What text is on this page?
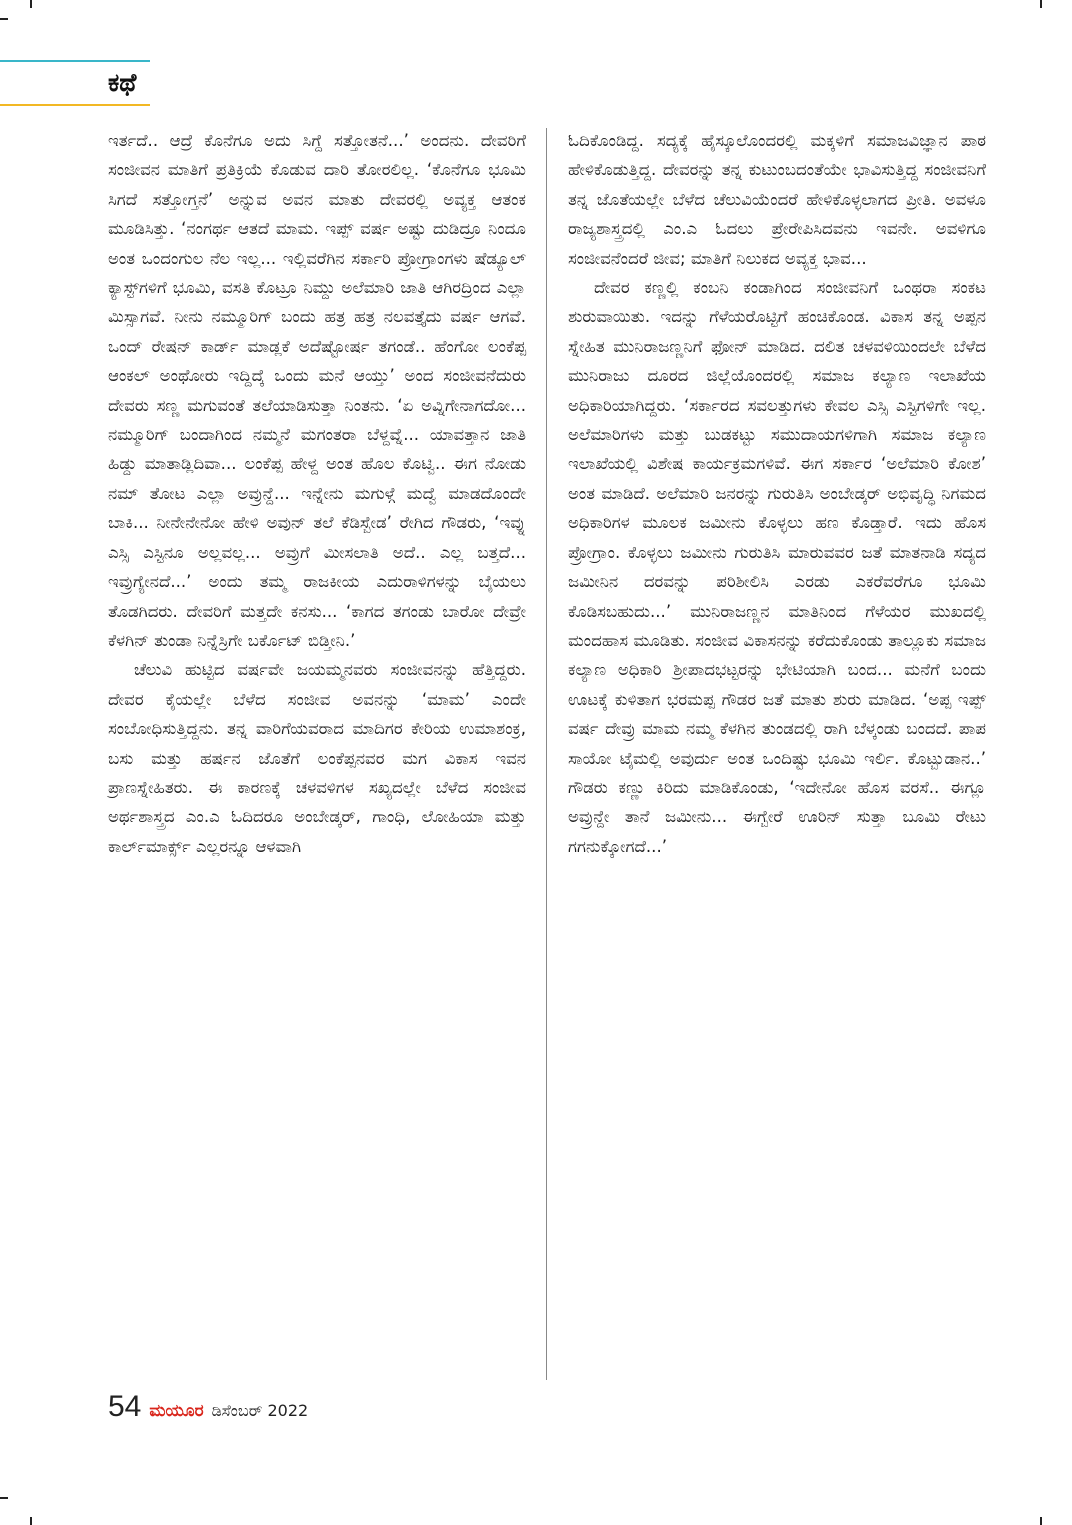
ಕಥೆ

ಇರ್ತದೆ.. ಆದ್ರೆ ಕೊನೆಗೂ ಅದು ಸಿಗ್ದೆ ಸತ್ತೋತನೆ...’ ಅಂದನು. ದೇವರಿಗೆ ಸಂಜೀವನ ಮಾತಿಗೆ ಪ್ರತಿಕ್ರಿಯೆ ಕೊಡುವ ದಾರಿ ತೋರಲಿಲ್ಲ. ‘ಕೊನೆಗೂ ಭೂಮಿ ಸಿಗದೆ ಸತ್ತೋಗ್ತನೆ’ ಅನ್ನುವ ಅವನ ಮಾತು ದೇವರಲ್ಲಿ ಅವ್ಯಕ್ತ ಆತಂಕ ಮೂಡಿಸಿತ್ತು. ‘ನಂಗರ್ಥ ಆತದೆ ಮಾಮ. ಇಪ್ಪ್ ವರ್ಷ ಅಷ್ಟು ದುಡಿದ್ರೂ ನಿಂದೂ ಅಂತ ಒಂದಂಗುಲ ನೆಲ ಇಲ್ಲ... ಇಲ್ಲಿವರೆಗಿನ ಸರ್ಕಾರಿ ಪ್ರೋಗ್ರಾಂಗಳು ಷೆಡ್ಯೂಲ್ ಕ್ಯಾಸ್ಟ್‌ಗಳಿಗೆ ಭೂಮಿ, ವಸತಿ ಕೊಟ್ರೂ ನಿಮ್ದು ಅಲೆಮಾರಿ ಜಾತಿ ಆಗಿರದ್ರಿಂದ ಎಲ್ಲಾ ಮಿಸ್ಸಾಗವೆ. ನೀನು ನಮ್ಮೂರಿಗ್ ಬಂದು ಹತ್ರ ಹತ್ರ ನಲವತ್ತೈದು ವರ್ಷ ಆಗವೆ. ಒಂದ್ ರೇಷನ್ ಕಾರ್ಡ್ ಮಾಡ್ಲಕೆ ಅದೆಷ್ಟೋರ್ಷ ತಗಂಡೆ.. ಹೆಂಗೋ ಲಂಕೆಪ್ಪ ಆಂಕಲ್ ಅಂಥೋರು ಇದ್ದಿದ್ಕೆ ಒಂದು ಮನೆ ಆಯ್ತು’ ಅಂದ ಸಂಜೀವನೆದುರು ದೇವರು ಸಣ್ಣ ಮಗುವಂತೆ ತಲೆಯಾಡಿಸುತ್ತಾ ನಿಂತನು. ‘ಏ ಅವ್ನಿಗೇನಾಗದೋ... ನಮ್ಮೂರಿಗ್ ಬಂದಾಗಿಂದ ನಮ್ಮನೆ ಮಗಂತರಾ ಬೆಳ್ದವ್ನೆ... ಯಾವತ್ತಾನ ಜಾತಿ ಹಿಡ್ದು ಮಾತಾಡ್ಲಿದಿವಾ... ಲಂಕೆಪ್ಪ ಹೇಳ್ದ ಅಂತ ಹೊಲ ಕೊಟ್ವಿ.. ಈಗ ನೋಡು ನಮ್ ತೋಟ ಎಲ್ಲಾ ಅವ್ರುನ್ದೆ... ಇನ್ನೇನು ಮಗುಳ್ಗೆ ಮದ್ವೆ ಮಾಡದೊಂದೇ ಬಾಕಿ... ನೀನೇನೇನೋ ಹೇಳಿ ಅವುನ್ ತಲೆ ಕೆಡಿಸ್ಬೇಡ’ ರೇಗಿದ ಗೌಡರು, ‘ಇವ್ನು ಎಸ್ಸಿ ಎಸ್ಟಿನೂ ಅಲ್ಲವಲ್ಲ... ಅವ್ರುಗೆ ಮೀಸಲಾತಿ ಅದೆ.. ಎಲ್ಲ ಬತ್ತದೆ... ಇವ್ರುಗ್ಯೇನದೆ...’ ಅಂದು ತಮ್ಮ ರಾಜಕೀಯ ಎದುರಾಳಿಗಳನ್ನು ಬೈಯಲು ತೊಡಗಿದರು. ದೇವರಿಗೆ ಮತ್ತದೇ ಕನಸು... ‘ಕಾಗದ ತಗಂಡು ಬಾರೋ ದೇವ್ರೇ ಕೆಳಗಿನ್ ತುಂಡಾ ನಿನ್ನೆಸ್ರಿಗೇ ಬರ್ಕೊಟ್ ಬಿಡ್ತೀನಿ.’

ಚೆಲುವಿ ಹುಟ್ಟಿದ ವರ್ಷವೇ ಜಯಮ್ಮನವರು ಸಂಜೀವನನ್ನು ಹೆತ್ತಿದ್ದರು. ದೇವರ ಕೈಯಲ್ಲೇ ಬೆಳೆದ ಸಂಜೀವ ಅವನನ್ನು ‘ಮಾಮ’ ಎಂದೇ ಸಂಬೋಧಿಸುತ್ತಿದ್ದನು. ತನ್ನ ವಾರಿಗೆಯವರಾದ ಮಾದಿಗರ ಕೇರಿಯ ಉಮಾಶಂಕ್ರ, ಬಸು ಮತ್ತು ಹರ್ಷನ ಜೊತೆಗೆ ಲಂಕೆಪ್ಪನವರ ಮಗ ವಿಕಾಸ ಇವನ ಪ್ರಾಣಸ್ನೇಹಿತರು. ಈ ಕಾರಣಕ್ಕೆ ಚಳವಳಿಗಳ ಸಖ್ಯದಲ್ಲೇ ಬೆಳೆದ ಸಂಜೀವ ಅರ್ಥಶಾಸ್ತ್ರದ ಎಂ.ಎ ಓದಿದರೂ ಅಂಬೇಡ್ಕರ್, ಗಾಂಧಿ, ಲೋಹಿಯಾ ಮತ್ತು ಕಾರ್ಲ್‌ಮಾರ್ಕ್ಸ್ ಎಲ್ಲರನ್ನೂ ಆಳವಾಗಿ

ಓದಿಕೊಂಡಿದ್ದ. ಸದ್ಯಕ್ಕೆ ಹೈಸ್ಕೂಲೊಂದರಲ್ಲಿ ಮಕ್ಕಳಿಗೆ ಸಮಾಜವಿಜ್ಞಾನ ಪಾಠ ಹೇಳಿಕೊಡುತ್ತಿದ್ದ. ದೇವರನ್ನು ತನ್ನ ಕುಟುಂಬದಂತೆಯೇ ಭಾವಿಸುತ್ತಿದ್ದ ಸಂಜೀವನಿಗೆ ತನ್ನ ಜೊತೆಯಲ್ಲೇ ಬೆಳೆದ ಚೆಲುವಿಯೆಂದರೆ ಹೇಳಿಕೊಳ್ಳಲಾಗದ ಪ್ರೀತಿ. ಅವಳೂ ರಾಜ್ಯಶಾಸ್ತ್ರದಲ್ಲಿ ಎಂ.ಎ ಓದಲು ಪ್ರೇರೇಪಿಸಿದವನು ಇವನೇ. ಅವಳಿಗೂ ಸಂಜೀವನೆಂದರೆ ಜೀವ; ಮಾತಿಗೆ ನಿಲುಕದ ಅವ್ಯಕ್ತ ಭಾವ...

ದೇವರ ಕಣ್ಣಲ್ಲಿ ಕಂಬನಿ ಕಂಡಾಗಿಂದ ಸಂಜೀವನಿಗೆ ಒಂಥರಾ ಸಂಕಟ ಶುರುವಾಯಿತು. ಇದನ್ನು ಗೆಳೆಯರೊಟ್ಟಿಗೆ ಹಂಚಿಕೊಂಡ. ವಿಕಾಸ ತನ್ನ ಅಪ್ಪನ ಸ್ನೇಹಿತ ಮುನಿರಾಜಣ್ಣನಿಗೆ ಫೋನ್ ಮಾಡಿದ. ದಲಿತ ಚಳವಳಿಯಿಂದಲೇ ಬೆಳೆದ ಮುನಿರಾಜು ದೂರದ ಜಿಲ್ಲೆಯೊಂದರಲ್ಲಿ ಸಮಾಜ ಕಲ್ಯಾಣ ಇಲಾಖೆಯ ಅಧಿಕಾರಿಯಾಗಿದ್ದರು. ‘ಸರ್ಕಾರದ ಸವಲತ್ತುಗಳು ಕೇವಲ ಎಸ್ಸಿ ಎಸ್ಟಿಗಳಿಗೇ ಇಲ್ಲ. ಅಲೆಮಾರಿಗಳು ಮತ್ತು ಬುಡಕಟ್ಟು ಸಮುದಾಯಗಳಿಗಾಗಿ ಸಮಾಜ ಕಲ್ಯಾಣ ಇಲಾಖೆಯಲ್ಲಿ ವಿಶೇಷ ಕಾರ್ಯಕ್ರಮಗಳಿವೆ. ಈಗ ಸರ್ಕಾರ ‘ಅಲೆಮಾರಿ ಕೋಶ’ ಅಂತ ಮಾಡಿದೆ. ಅಲೆಮಾರಿ ಜನರನ್ನು ಗುರುತಿಸಿ ಅಂಬೇಡ್ಕರ್ ಅಭಿವೃದ್ಧಿ ನಿಗಮದ ಅಧಿಕಾರಿಗಳ ಮೂಲಕ ಜಮೀನು ಕೊಳ್ಳಲು ಹಣ ಕೊಡ್ತಾರೆ. ಇದು ಹೊಸ ಪ್ರೋಗ್ರಾಂ. ಕೊಳ್ಳಲು ಜಮೀನು ಗುರುತಿಸಿ ಮಾರುವವರ ಜತೆ ಮಾತನಾಡಿ ಸದ್ಯದ ಜಮೀನಿನ ದರವನ್ನು ಪರಿಶೀಲಿಸಿ ಎರಡು ಎಕರೆವರೆಗೂ ಭೂಮಿ ಕೊಡಿಸಬಹುದು...’ ಮುನಿರಾಜಣ್ಣನ ಮಾತಿನಿಂದ ಗೆಳೆಯರ ಮುಖದಲ್ಲಿ ಮಂದಹಾಸ ಮೂಡಿತು. ಸಂಜೀವ ವಿಕಾಸನನ್ನು ಕರೆದುಕೊಂಡು ತಾಲ್ಲೂಕು ಸಮಾಜ ಕಲ್ಯಾಣ ಅಧಿಕಾರಿ ಶ್ರೀಪಾದಭಟ್ಟರನ್ನು ಭೇಟಿಯಾಗಿ ಬಂದ... ಮನೆಗೆ ಬಂದು ಊಟಕ್ಕೆ ಕುಳಿತಾಗ ಭರಮಪ್ಪ ಗೌಡರ ಜತೆ ಮಾತು ಶುರು ಮಾಡಿದ. ‘ಅಪ್ಪ ಇಪ್ಪ್ ವರ್ಷ ದೇವ್ರು ಮಾಮ ನಮ್ಮ ಕೆಳಗಿನ ತುಂಡದಲ್ಲಿ ರಾಗಿ ಬೆಳ್ಕಂಡು ಬಂದದೆ. ಪಾಪ ಸಾಯೋ ಟೈಮಲ್ಲಿ ಅವುರ್ದು ಅಂತ ಒಂದಿಷ್ಟು ಭೂಮಿ ಇರ್ಲಿ. ಕೊಟ್ಬುಡಾನ..’ ಗೌಡರು ಕಣ್ಣು ಕಿರಿದು ಮಾಡಿಕೊಂಡು, ‘ಇದೇನೋ ಹೊಸ ವರಸೆ.. ಈಗ್ಲೂ ಅವ್ರುನ್ದೇ ತಾನೆ ಜಮೀನು... ಈಗ್ಬೇರೆ ಊರಿನ್ ಸುತ್ತಾ ಬೂಮಿ ರೇಟು ಗಗನುಕ್ಕೋಗದೆ...’

54 ಮಯೂರ ಡಿಸೆಂಬರ್ 2022
